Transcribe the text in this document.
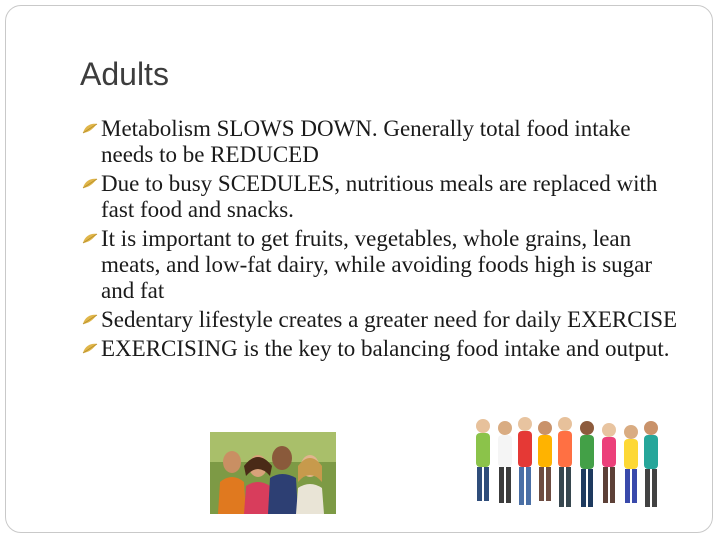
Adults
Metabolism SLOWS DOWN. Generally total food intake needs to be REDUCED
Due to busy SCEDULES, nutritious meals are replaced with fast food and snacks.
It is important to get fruits, vegetables, whole grains, lean meats, and low-fat dairy, while avoiding foods high is sugar and fat
Sedentary lifestyle creates a greater need for daily EXERCISE
EXERCISING is the key to balancing food intake and output.
